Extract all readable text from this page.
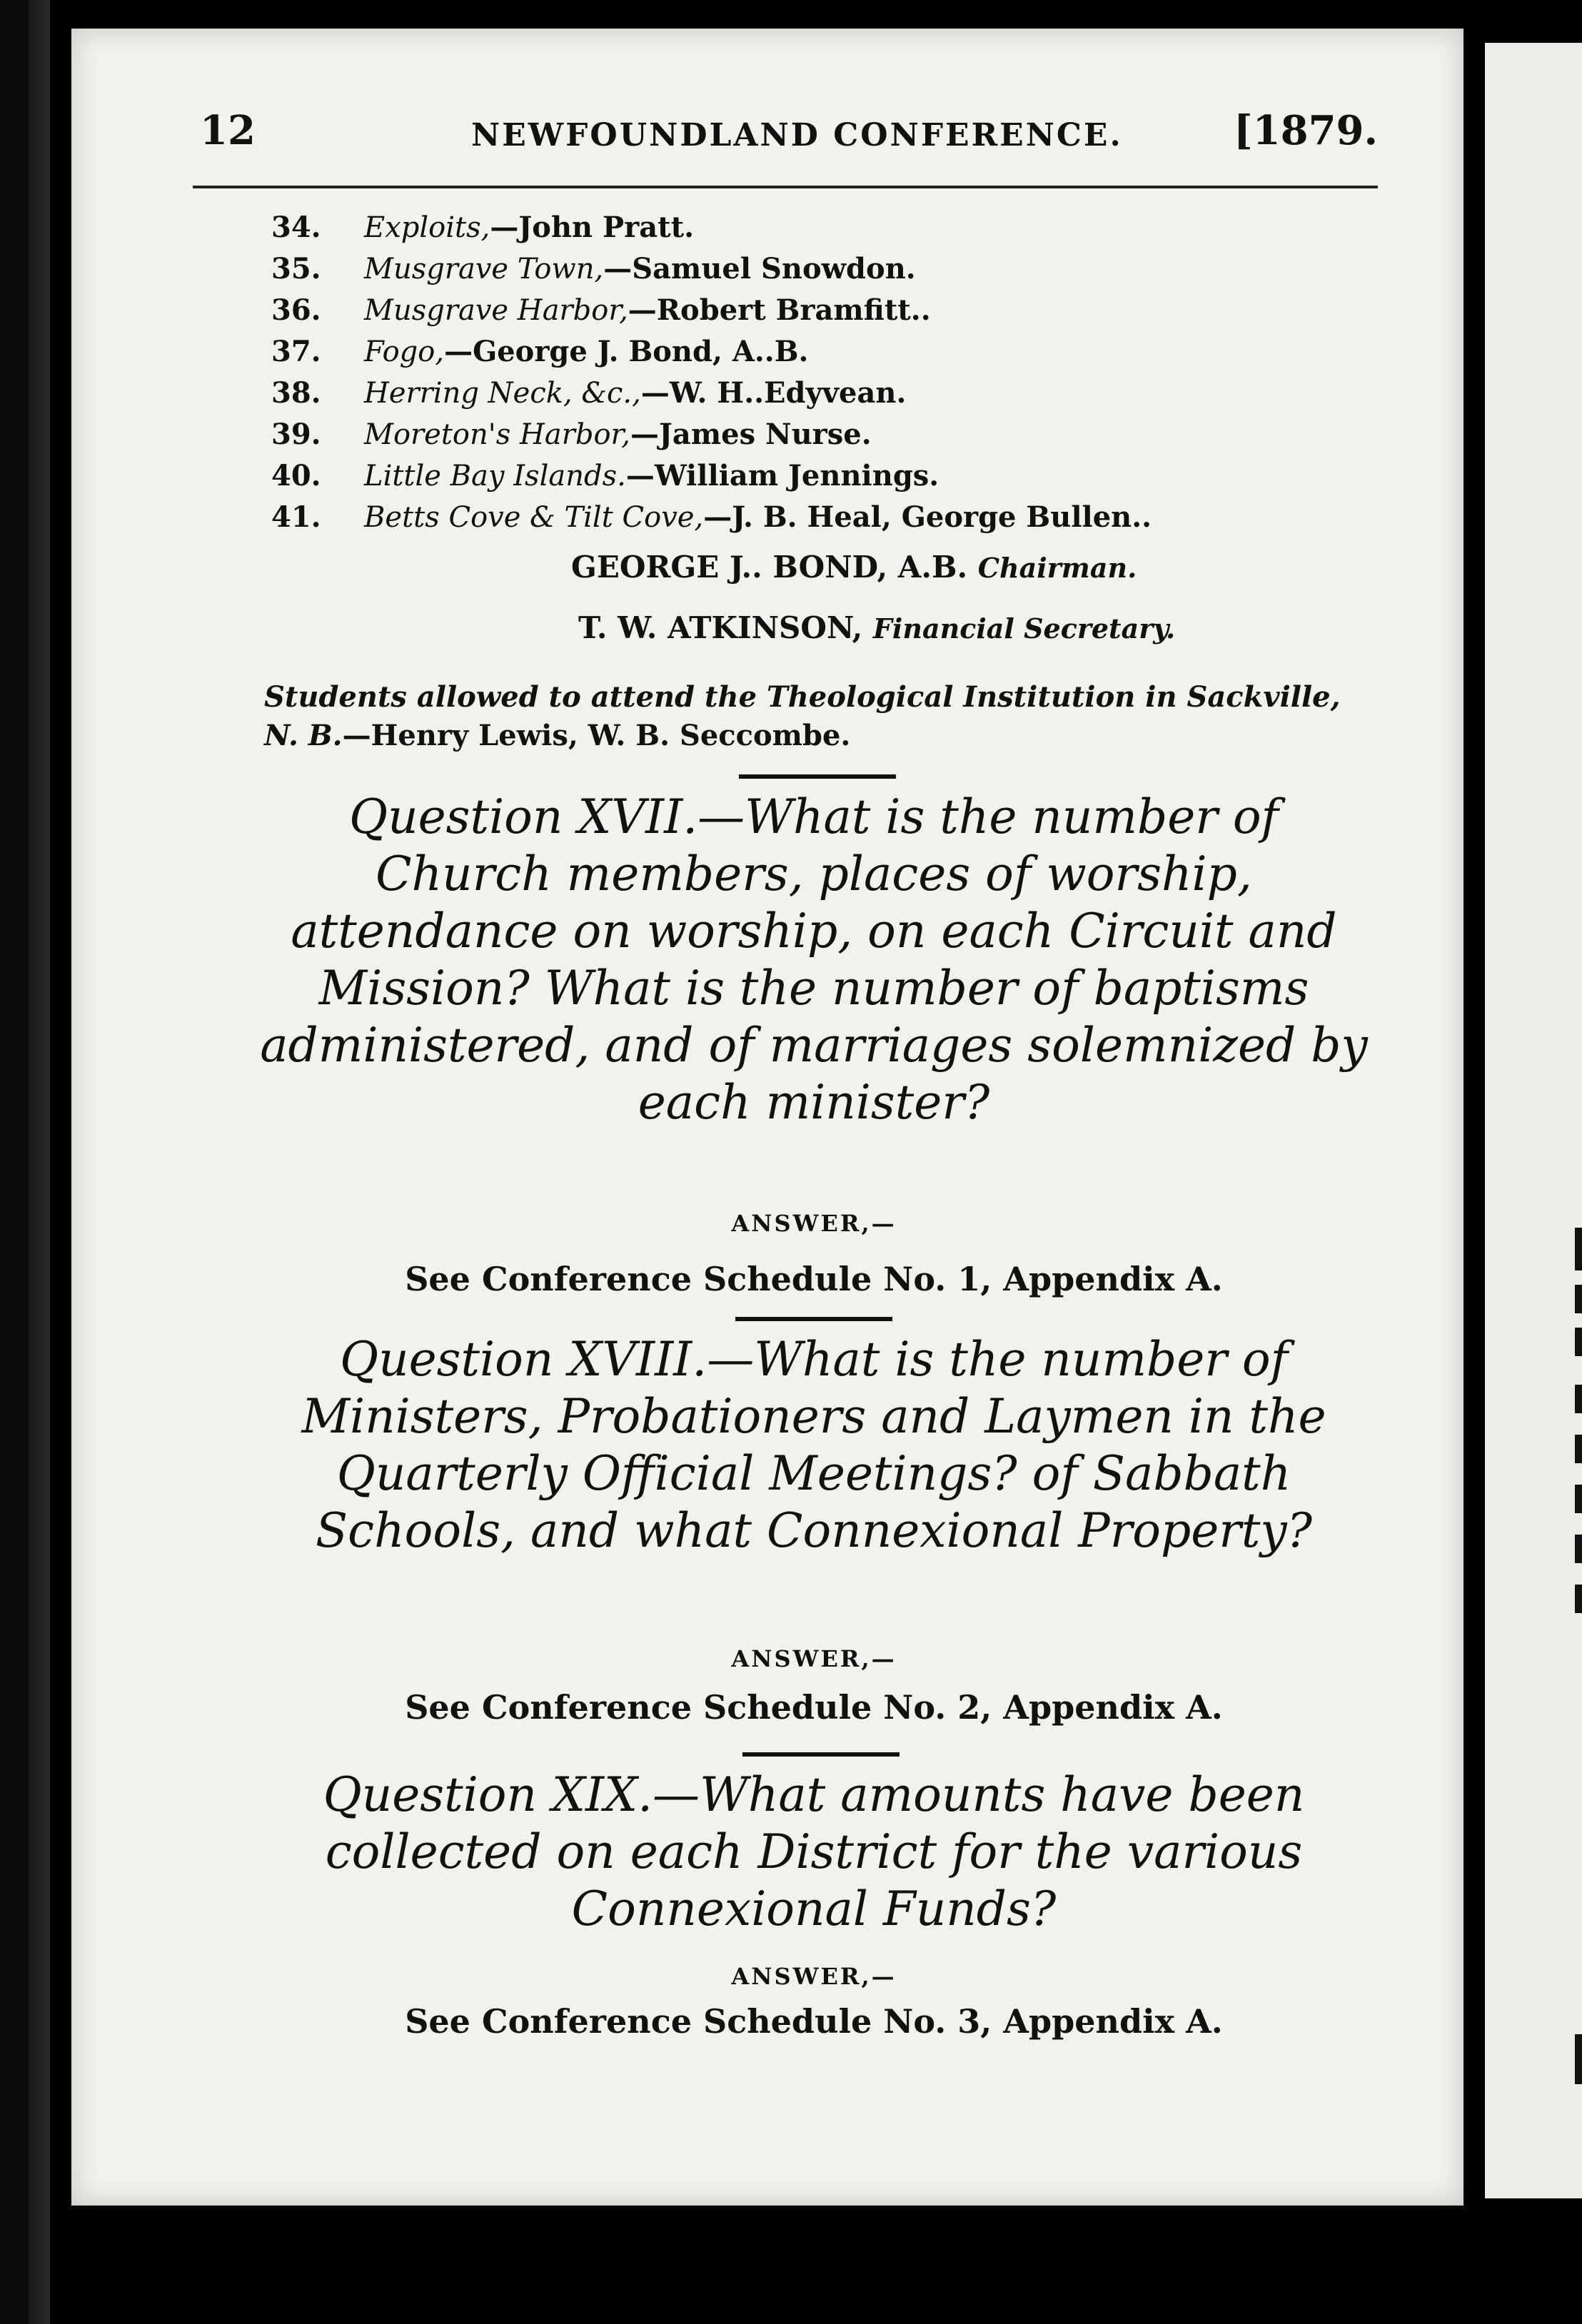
12	NEWFOUNDLAND CONFERENCE.	[1879.
34. Exploits,—John Pratt.
35. Musgrave Town,—Samuel Snowdon.
36. Musgrave Harbor,—Robert Bramfitt..
37. Fogo,—George J. Bond, A..B.
38. Herring Neck, &c.,—W. H..Edyvean.
39. Moreton's Harbor,—James Nurse.
40. Little Bay Islands.—William Jennings.
41. Betts Cove & Tilt Cove,—J. B. Heal, George Bullen..
GEORGE J.. BOND, A.B. Chairman.
T. W. ATKINSON, Financial Secretary.
Students allowed to attend the Theological Institution in Sackville, N. B.—Henry Lewis, W. B. Seccombe.
Question XVII.—What is the number of Church members, places of worship, attendance on worship, on each Circuit and Mission? What is the number of baptisms administered, and of marriages solemnized by each minister?
ANSWER,—
See Conference Schedule No. 1, Appendix A.
Question XVIII.—What is the number of Ministers, Probationers and Laymen in the Quarterly Official Meetings? of Sabbath Schools, and what Connexional Property?
ANSWER,—
See Conference Schedule No. 2, Appendix A.
Question XIX.—What amounts have been collected on each District for the various Connexional Funds?
ANSWER,—
See Conference Schedule No. 3, Appendix A.
